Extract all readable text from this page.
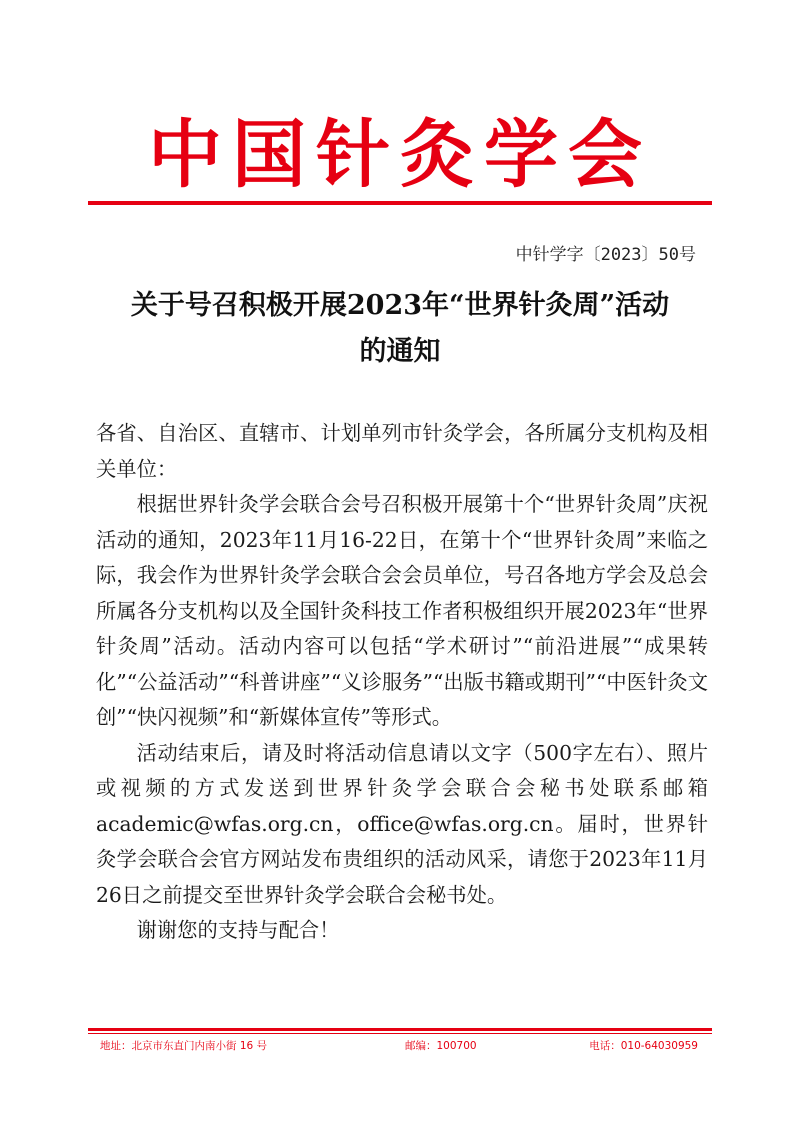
中国针灸学会
中针学字〔2023〕50号
关于号召积极开展2023年“世界针灸周”活动
的通知

各省、自治区、直辖市、计划单列市针灸学会，各所属分支机构及相关单位：

根据世界针灸学会联合会号召积极开展第十个“世界针灸周”庆祝活动的通知，2023年11月16-22日，在第十个“世界针灸周”来临之际，我会作为世界针灸学会联合会会员单位，号召各地方学会及总会所属各分支机构以及全国针灸科技工作者积极组织开展2023年“世界针灸周”活动。活动内容可以包括“学术研讨”“前沿进展”“成果转化”“公益活动”“科普讲座”“义诊服务”“出版书籍或期刊”“中医针灸文创”“快闪视频”和“新媒体宣传”等形式。

活动结束后，请及时将活动信息请以文字（500字左右）、照片或视频的方式发送到世界针灸学会联合会秘书处联系邮箱academic@wfas.org.cn，office@wfas.org.cn。届时，世界针灸学会联合会官方网站发布贵组织的活动风采，请您于2023年11月26日之前提交至世界针灸学会联合会秘书处。

谢谢您的支持与配合！

地址：北京市东直门内南小街 16 号	邮编：100700	电话：010-64030959
